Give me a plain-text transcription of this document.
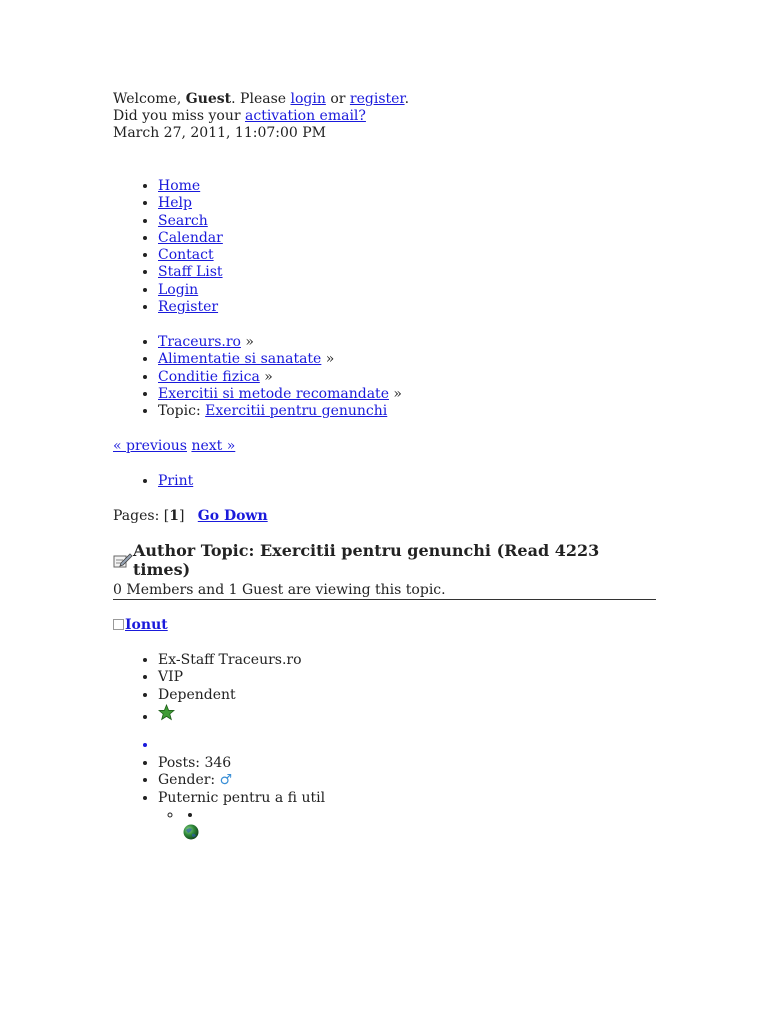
Welcome, Guest. Please login or register.

Did you miss your activation email?

March 27, 2011, 11:07:00 PM

• Home
• Help
• Search
• Calendar
• Contact
• Staff List
• Login
• Register
• Traceurs.ro »
• Alimentatie si sanatate »
• Conditie fizica »
• Exercitii si metode recomandate »
• Topic: Exercitii pentru genunchi

« previous next »

• Print

Pages: [1] Go Down

Author Topic: Exercitii pentru genunchi (Read 4223 times)

0 Members and 1 Guest are viewing this topic.

Ionut

• Ex-Staff Traceurs.ro
• VIP
• Dependent
•
•
• Posts: 346
• Gender: ♂
• Puternic pentru a fi util
◦
•
